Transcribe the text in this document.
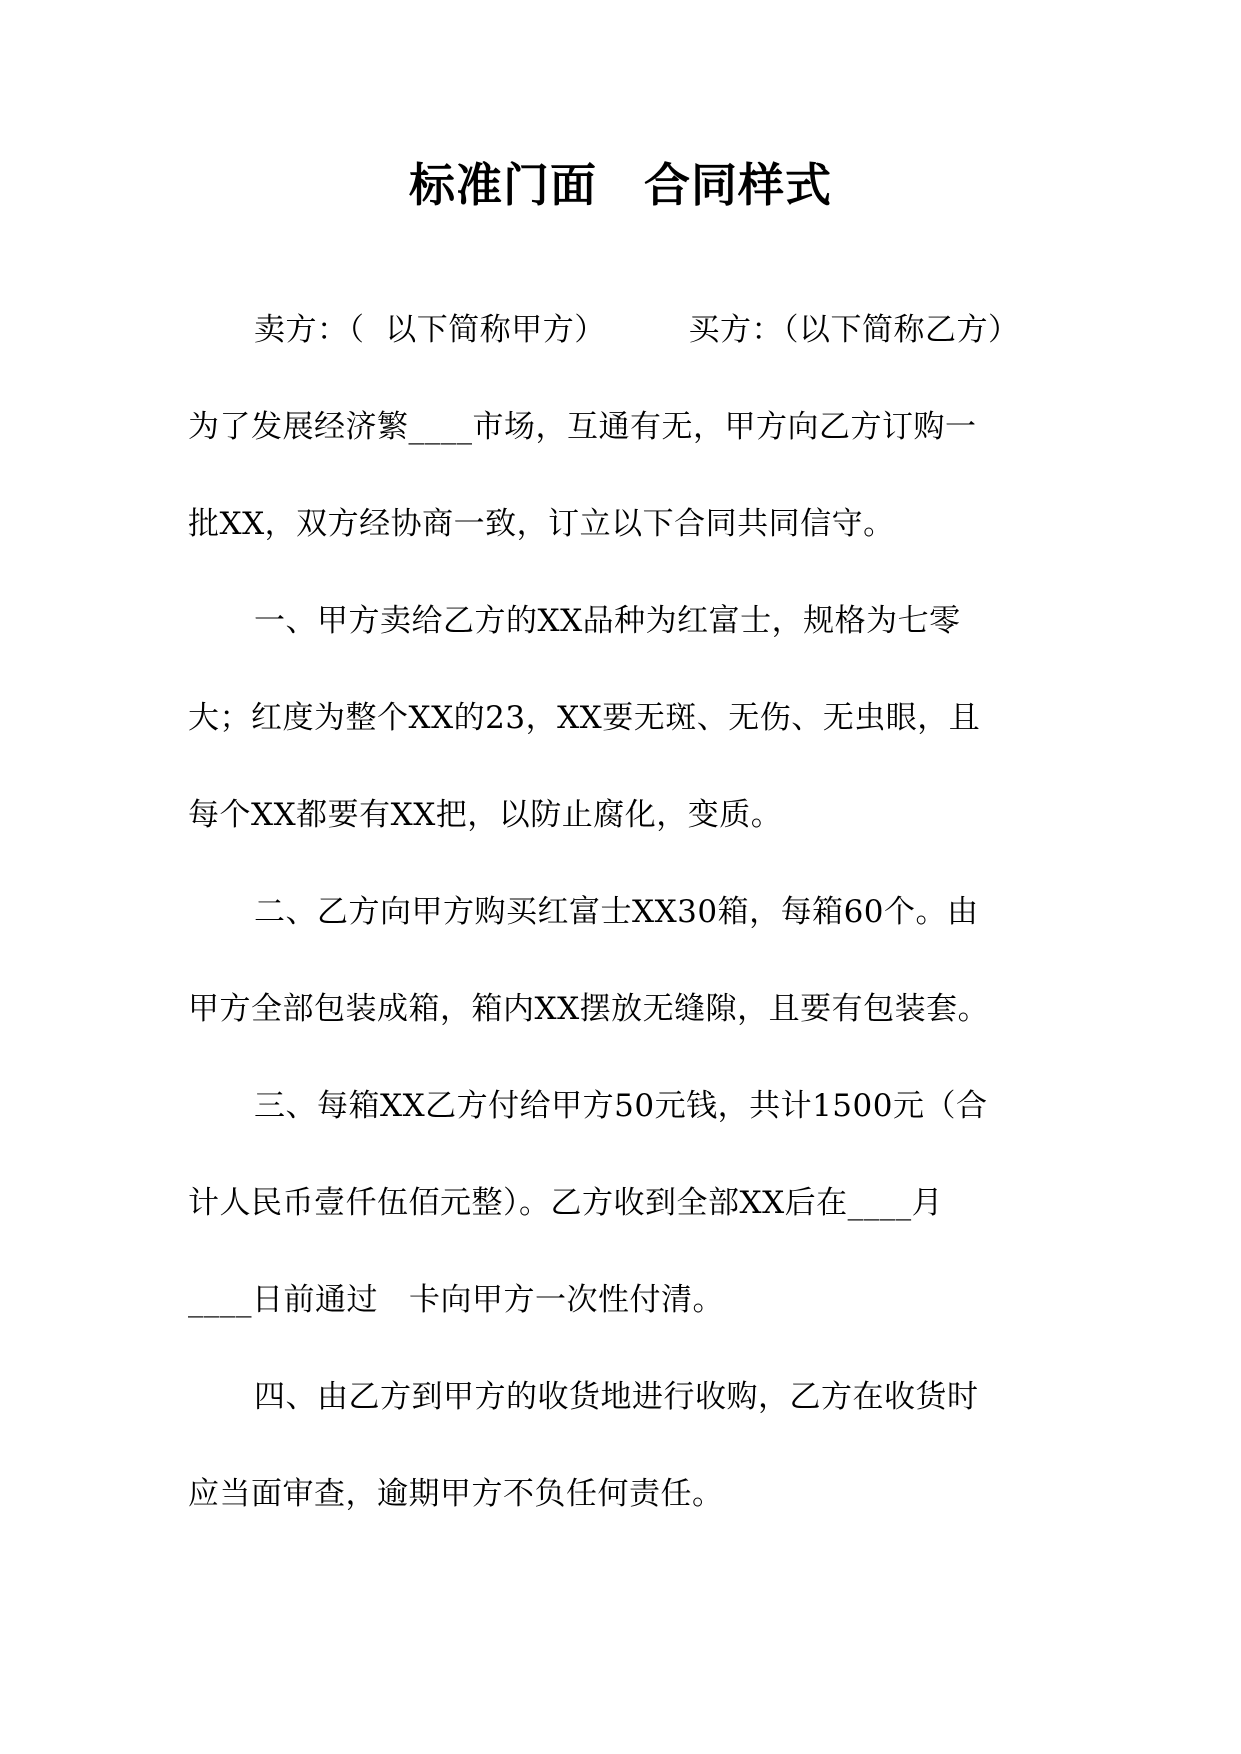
标准门面　合同样式
卖方：（  以下简称甲方）        买方：（以下简称乙方）
为了发展经济繁____市场，互通有无，甲方向乙方订购一
批XX，双方经协商一致，订立以下合同共同信守。
一、甲方卖给乙方的XX品种为红富士，规格为七零
大；红度为整个XX的23，XX要无斑、无伤、无虫眼，且
每个XX都要有XX把，以防止腐化，变质。
二、乙方向甲方购买红富士XX30箱，每箱60个。由
甲方全部包装成箱，箱内XX摆放无缝隙，且要有包装套。
三、每箱XX乙方付给甲方50元钱，共计1500元（合
计人民币壹仟伍佰元整）。乙方收到全部XX后在____月
____日前通过   卡向甲方一次性付清。
四、由乙方到甲方的收货地进行收购，乙方在收货时
应当面审查，逾期甲方不负任何责任。
